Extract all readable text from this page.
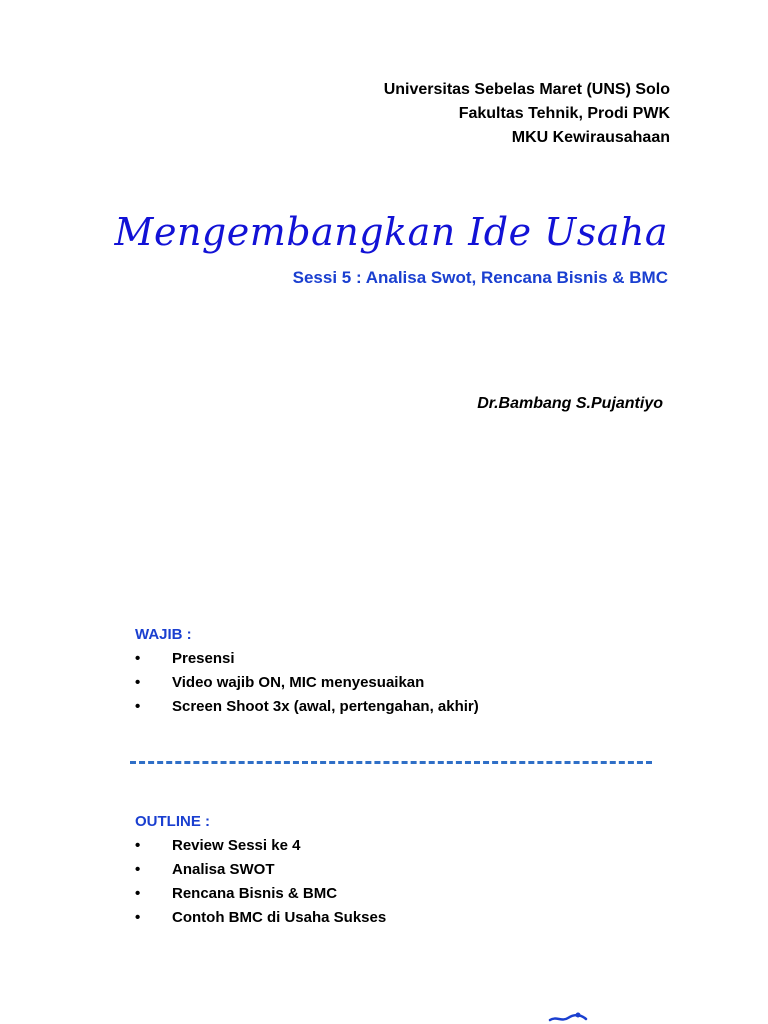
Universitas Sebelas Maret (UNS) Solo
Fakultas Tehnik, Prodi PWK
MKU Kewirausahaan
Mengembangkan Ide Usaha
Sessi 5 : Analisa Swot, Rencana Bisnis & BMC
Dr.Bambang S.Pujantiyo
WAJIB :
•	Presensi
•	Video wajib ON, MIC menyesuaikan
•	Screen Shoot 3x (awal, pertengahan, akhir)
OUTLINE :
•	Review Sessi ke 4
•	Analisa SWOT
•	Rencana Bisnis & BMC
•	Contoh BMC di Usaha Sukses
